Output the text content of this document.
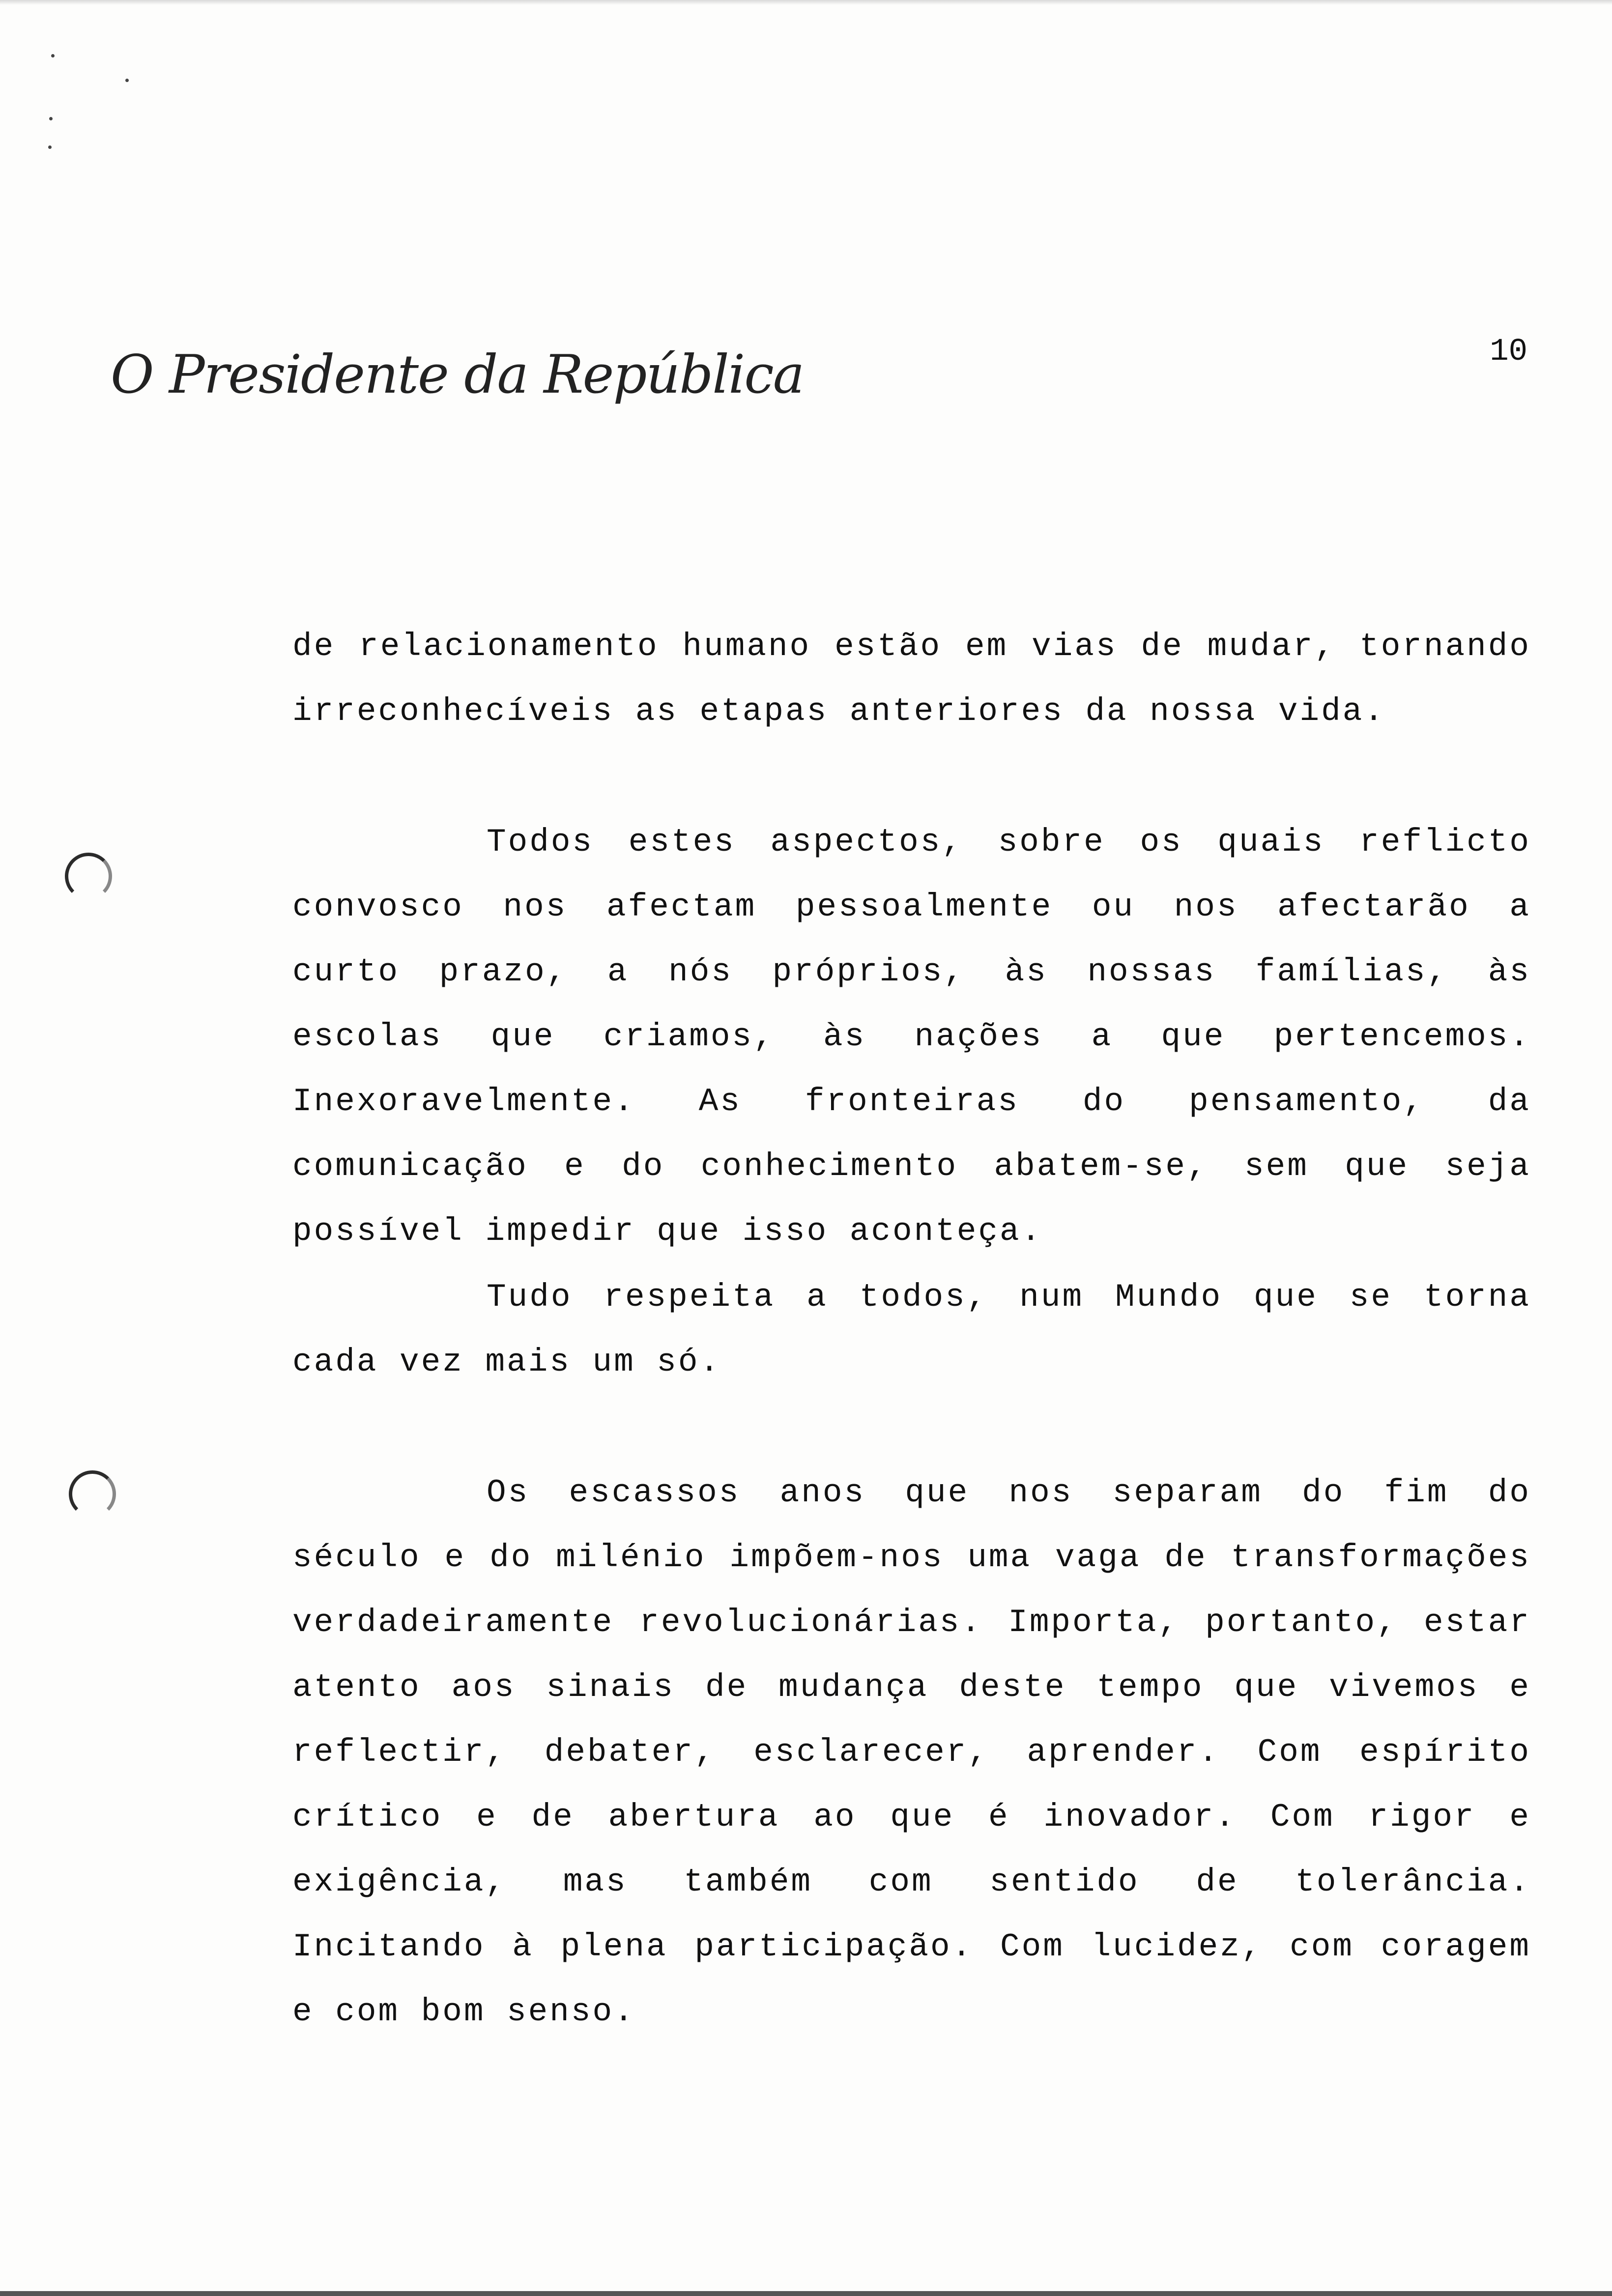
O Presidente da República	10

de relacionamento humano estão em vias de mudar, tornando irreconhecíveis as etapas anteriores da nossa vida.

Todos estes aspectos, sobre os quais reflicto convosco nos afectam pessoalmente ou nos afectarão a curto prazo, a nós próprios, às nossas famílias, às escolas que criamos, às nações a que pertencemos. Inexoravelmente. As fronteiras do pensamento, da comunicação e do conhecimento abatem-se, sem que seja possível impedir que isso aconteça.

Tudo respeita a todos, num Mundo que se torna cada vez mais um só.

Os escassos anos que nos separam do fim do século e do milénio impõem-nos uma vaga de transformações verdadeiramente revolucionárias. Importa, portanto, estar atento aos sinais de mudança deste tempo que vivemos e reflectir, debater, esclarecer, aprender. Com espírito crítico e de abertura ao que é inovador. Com rigor e exigência, mas também com sentido de tolerância. Incitando à plena participação. Com lucidez, com coragem e com bom senso.
